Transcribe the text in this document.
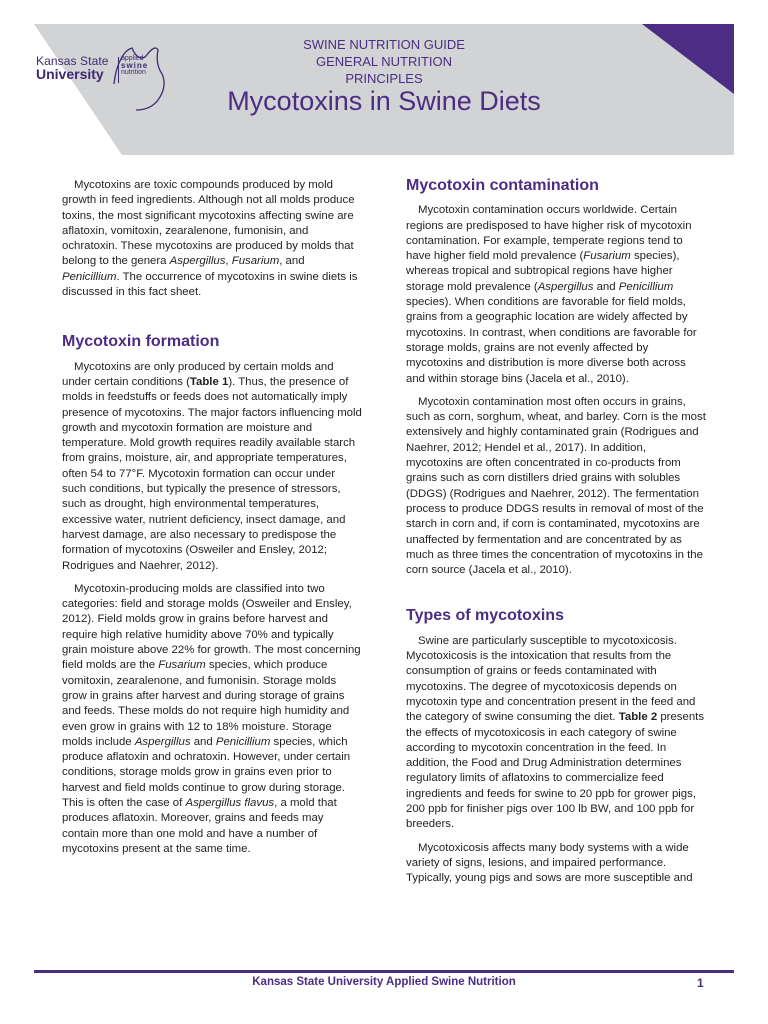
Kansas State
University
applied
swine
nutrition
SWINE NUTRITION GUIDE
GENERAL NUTRITION PRINCIPLES
Mycotoxins in Swine Diets

Mycotoxins are toxic compounds produced by mold growth in feed ingredients. Although not all molds produce toxins, the most significant mycotoxins affecting swine are aflatoxin, vomitoxin, zearalenone, fumonisin, and ochratoxin. These mycotoxins are produced by molds that belong to the genera Aspergillus, Fusarium, and Penicillium. The occurrence of mycotoxins in swine diets is discussed in this fact sheet.

Mycotoxin formation

Mycotoxins are only produced by certain molds and under certain conditions (Table 1). Thus, the presence of molds in feedstuffs or feeds does not automatically imply presence of mycotoxins. The major factors influencing mold growth and mycotoxin formation are moisture and temperature. Mold growth requires readily available starch from grains, moisture, air, and appropriate temperatures, often 54 to 77°F. Mycotoxin formation can occur under such conditions, but typically the presence of stressors, such as drought, high environmental temperatures, excessive water, nutrient deficiency, insect damage, and harvest damage, are also necessary to predispose the formation of mycotoxins (Osweiler and Ensley, 2012; Rodrigues and Naehrer, 2012).

Mycotoxin-producing molds are classified into two categories: field and storage molds (Osweiler and Ensley, 2012). Field molds grow in grains before harvest and require high relative humidity above 70% and typically grain moisture above 22% for growth. The most concerning field molds are the Fusarium species, which produce vomitoxin, zearalenone, and fumonisin. Storage molds grow in grains after harvest and during storage of grains and feeds. These molds do not require high humidity and even grow in grains with 12 to 18% moisture. Storage molds include Aspergillus and Penicillium species, which produce aflatoxin and ochratoxin. However, under certain conditions, storage molds grow in grains even prior to harvest and field molds continue to grow during storage. This is often the case of Aspergillus flavus, a mold that produces aflatoxin. Moreover, grains and feeds may contain more than one mold and have a number of mycotoxins present at the same time.

Mycotoxin contamination

Mycotoxin contamination occurs worldwide. Certain regions are predisposed to have higher risk of mycotoxin contamination. For example, temperate regions tend to have higher field mold prevalence (Fusarium species), whereas tropical and subtropical regions have higher storage mold prevalence (Aspergillus and Penicillium species). When conditions are favorable for field molds, grains from a geographic location are widely affected by mycotoxins. In contrast, when conditions are favorable for storage molds, grains are not evenly affected by mycotoxins and distribution is more diverse both across and within storage bins (Jacela et al., 2010).

Mycotoxin contamination most often occurs in grains, such as corn, sorghum, wheat, and barley. Corn is the most extensively and highly contaminated grain (Rodrigues and Naehrer, 2012; Hendel et al., 2017). In addition, mycotoxins are often concentrated in co-products from grains such as corn distillers dried grains with solubles (DDGS) (Rodrigues and Naehrer, 2012). The fermentation process to produce DDGS results in removal of most of the starch in corn and, if corn is contaminated, mycotoxins are unaffected by fermentation and are concentrated by as much as three times the concentration of mycotoxins in the corn source (Jacela et al., 2010).

Types of mycotoxins

Swine are particularly susceptible to mycotoxicosis. Mycotoxicosis is the intoxication that results from the consumption of grains or feeds contaminated with mycotoxins. The degree of mycotoxicosis depends on mycotoxin type and concentration present in the feed and the category of swine consuming the diet. Table 2 presents the effects of mycotoxicosis in each category of swine according to mycotoxin concentration in the feed. In addition, the Food and Drug Administration determines regulatory limits of aflatoxins to commercialize feed ingredients and feeds for swine to 20 ppb for grower pigs, 200 ppb for finisher pigs over 100 lb BW, and 100 ppb for breeders.

Mycotoxicosis affects many body systems with a wide variety of signs, lesions, and impaired performance. Typically, young pigs and sows are more susceptible and

Kansas State University Applied Swine Nutrition	1
